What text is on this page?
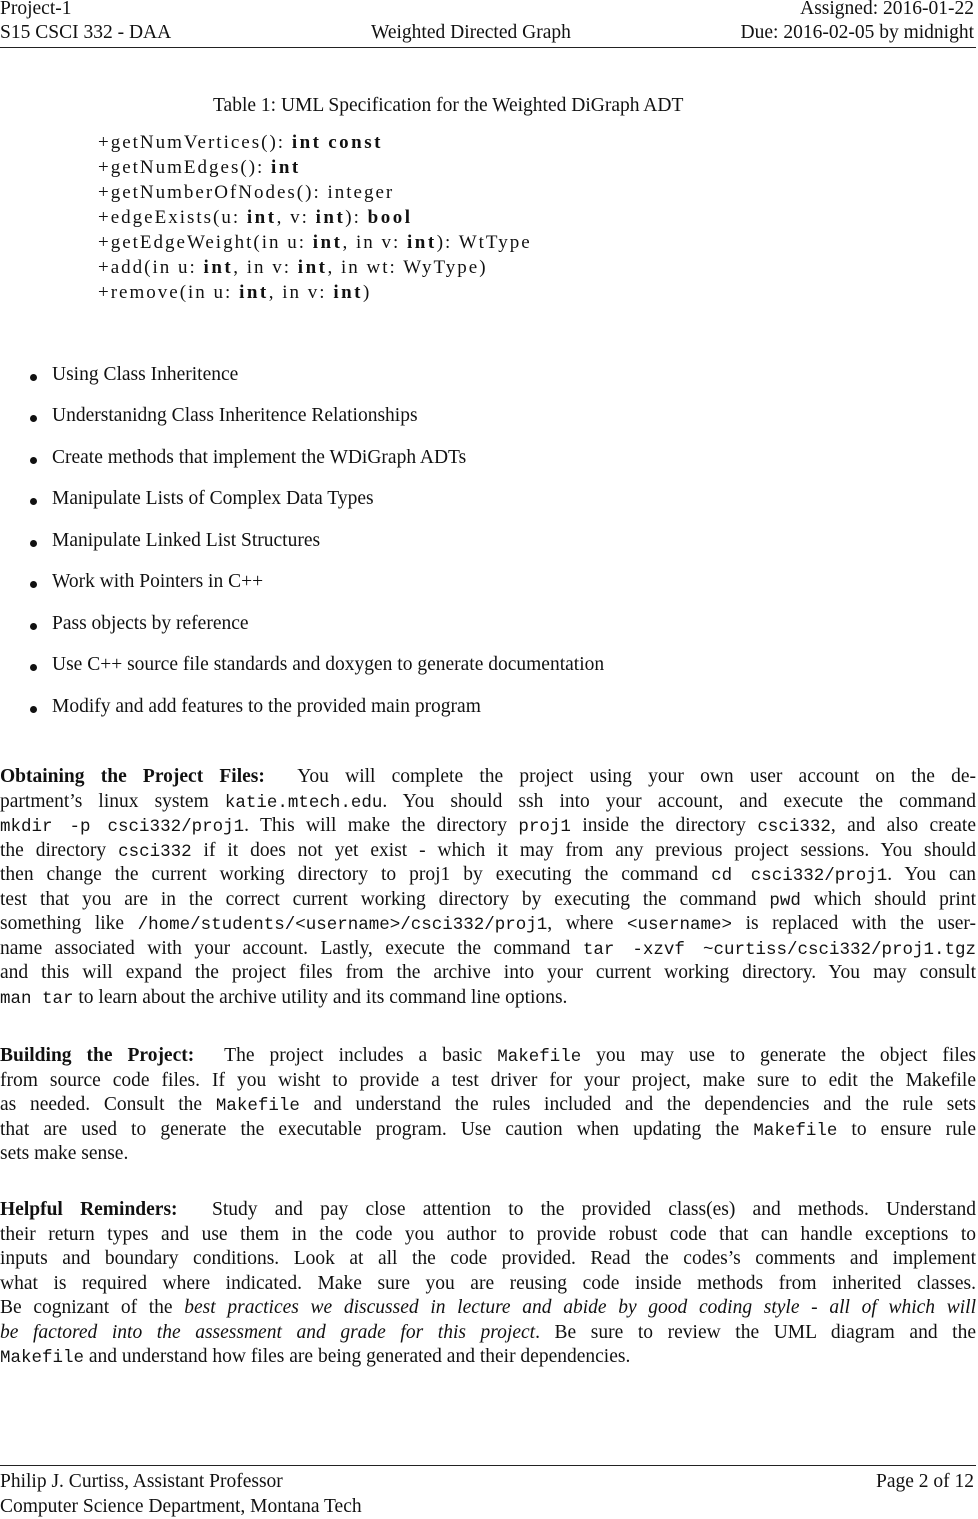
Project-1	Assigned: 2016-01-22
S15 CSCI 332 - DAA	Weighted Directed Graph	Due: 2016-02-05 by midnight
Table 1: UML Specification for the Weighted DiGraph ADT
+getNumVertices(): int const
+getNumEdges(): int
+getNumberOfNodes(): integer
+edgeExists(u: int, v: int): bool
+getEdgeWeight(in u: int, in v: int): WtType
+add(in u: int, in v: int, in wt: WyType)
+remove(in u: int, in v: int)
Using Class Inheritence
Understanidng Class Inheritence Relationships
Create methods that implement the WDiGraph ADTs
Manipulate Lists of Complex Data Types
Manipulate Linked List Structures
Work with Pointers in C++
Pass objects by reference
Use C++ source file standards and doxygen to generate documentation
Modify and add features to the provided main program
Obtaining the Project Files: You will complete the project using your own user account on the de-
partment’s linux system katie.mtech.edu. You should ssh into your account, and execute the command
mkdir -p csci332/proj1. This will make the directory proj1 inside the directory csci332, and also create
the directory csci332 if it does not yet exist - which it may from any previous project sessions. You should
then change the current working directory to proj1 by executing the command cd csci332/proj1. You can
test that you are in the correct current working directory by executing the command pwd which should print
something like /home/students/<username>/csci332/proj1, where <username> is replaced with the user-
name associated with your account. Lastly, execute the command tar -xzvf ~curtiss/csci332/proj1.tgz
and this will expand the project files from the archive into your current working directory. You may consult
man tar to learn about the archive utility and its command line options.
Building the Project: The project includes a basic Makefile you may use to generate the object files
from source code files. If you wisht to provide a test driver for your project, make sure to edit the Makefile
as needed. Consult the Makefile and understand the rules included and the dependencies and the rule sets
that are used to generate the executable program. Use caution when updating the Makefile to ensure rule
sets make sense.
Helpful Reminders: Study and pay close attention to the provided class(es) and methods. Understand
their return types and use them in the code you author to provide robust code that can handle exceptions to
inputs and boundary conditions. Look at all the code provided. Read the codes’s comments and implement
what is required where indicated. Make sure you are reusing code inside methods from inherited classes.
Be cognizant of the best practices we discussed in lecture and abide by good coding style - all of which will
be factored into the assessment and grade for this project. Be sure to review the UML diagram and the
Makefile and understand how files are being generated and their dependencies.
Philip J. Curtiss, Assistant Professor	Page 2 of 12
Computer Science Department, Montana Tech
